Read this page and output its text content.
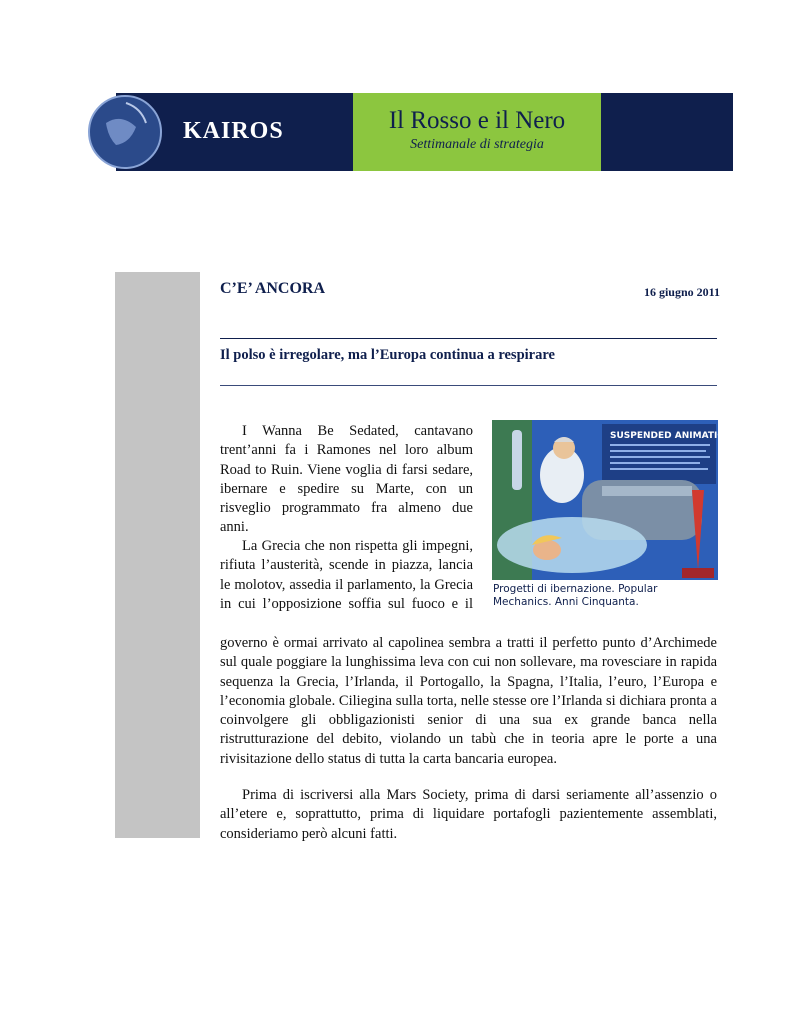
KAIROS	Il Rosso e il Nero
Settimanale di strategia
C’E’ ANCORA	16 giugno 2011
Il polso è irregolare, ma l’Europa continua a respirare
SUSPENDED ANIMATION
Progetti di ibernazione. Popular Mechanics. Anni Cinquanta.

I Wanna Be Sedated, cantavano trent’anni fa i Ramones nel loro album Road to Ruin. Viene voglia di farsi sedare, ibernare e spedire su Marte, con un risveglio programmato fra almeno due anni.

La Grecia che non rispetta gli impegni, rifiuta l’austerità, scende in piazza, lancia le molotov, assedia il parlamento, la Grecia in cui l’opposizione soffia sul fuoco e il

governo è ormai arrivato al capolinea sembra a tratti il perfetto punto d’Archimede sul quale poggiare la lunghissima leva con cui non sollevare, ma rovesciare in rapida sequenza la Grecia, l’Irlanda, il Portogallo, la Spagna, l’Italia, l’euro, l’Europa e l’economia globale. Ciliegina sulla torta, nelle stesse ore l’Irlanda si dichiara pronta a coinvolgere gli obbligazionisti senior di una sua ex grande banca nella ristrutturazione del debito, violando un tabù che in teoria apre le porte a una rivisitazione dello status di tutta la carta bancaria europea.

Prima di iscriversi alla Mars Society, prima di darsi seriamente all’assenzio o all’etere e, soprattutto, prima di liquidare portafogli pazientemente assemblati, consideriamo però alcuni fatti.
